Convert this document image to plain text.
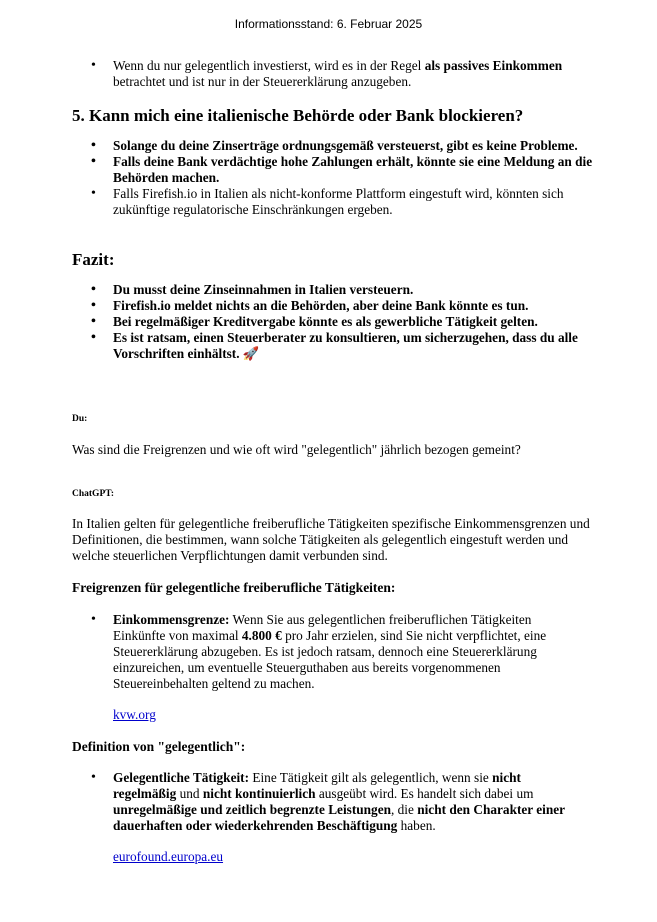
Informationsstand: 6. Februar 2025
• Wenn du nur gelegentlich investierst, wird es in der Regel als passives Einkommen betrachtet und ist nur in der Steuererklärung anzugeben.
5. Kann mich eine italienische Behörde oder Bank blockieren?
• Solange du deine Zinserträge ordnungsgemäß versteuerst, gibt es keine Probleme.
• Falls deine Bank verdächtige hohe Zahlungen erhält, könnte sie eine Meldung an die Behörden machen.
• Falls Firefish.io in Italien als nicht-konforme Plattform eingestuft wird, könnten sich zukünftige regulatorische Einschränkungen ergeben.
Fazit:
• Du musst deine Zinseinnahmen in Italien versteuern.
• Firefish.io meldet nichts an die Behörden, aber deine Bank könnte es tun.
• Bei regelmäßiger Kreditvergabe könnte es als gewerbliche Tätigkeit gelten.
• Es ist ratsam, einen Steuerberater zu konsultieren, um sicherzugehen, dass du alle Vorschriften einhältst. 🚀
Du:
Was sind die Freigrenzen und wie oft wird "gelegentlich" jährlich bezogen gemeint?
ChatGPT:
In Italien gelten für gelegentliche freiberufliche Tätigkeiten spezifische Einkommensgrenzen und Definitionen, die bestimmen, wann solche Tätigkeiten als gelegentlich eingestuft werden und welche steuerlichen Verpflichtungen damit verbunden sind.
Freigrenzen für gelegentliche freiberufliche Tätigkeiten:
• Einkommensgrenze: Wenn Sie aus gelegentlichen freiberuflichen Tätigkeiten Einkünfte von maximal 4.800 € pro Jahr erzielen, sind Sie nicht verpflichtet, eine Steuererklärung abzugeben. Es ist jedoch ratsam, dennoch eine Steuererklärung einzureichen, um eventuelle Steuerguthaben aus bereits vorgenommenen Steuereinbehalten geltend zu machen.
kvw.org
Definition von "gelegentlich":
• Gelegentliche Tätigkeit: Eine Tätigkeit gilt als gelegentlich, wenn sie nicht regelmäßig und nicht kontinuierlich ausgeübt wird. Es handelt sich dabei um unregelmäßige und zeitlich begrenzte Leistungen, die nicht den Charakter einer dauerhaften oder wiederkehrenden Beschäftigung haben.
eurofound.europa.eu
